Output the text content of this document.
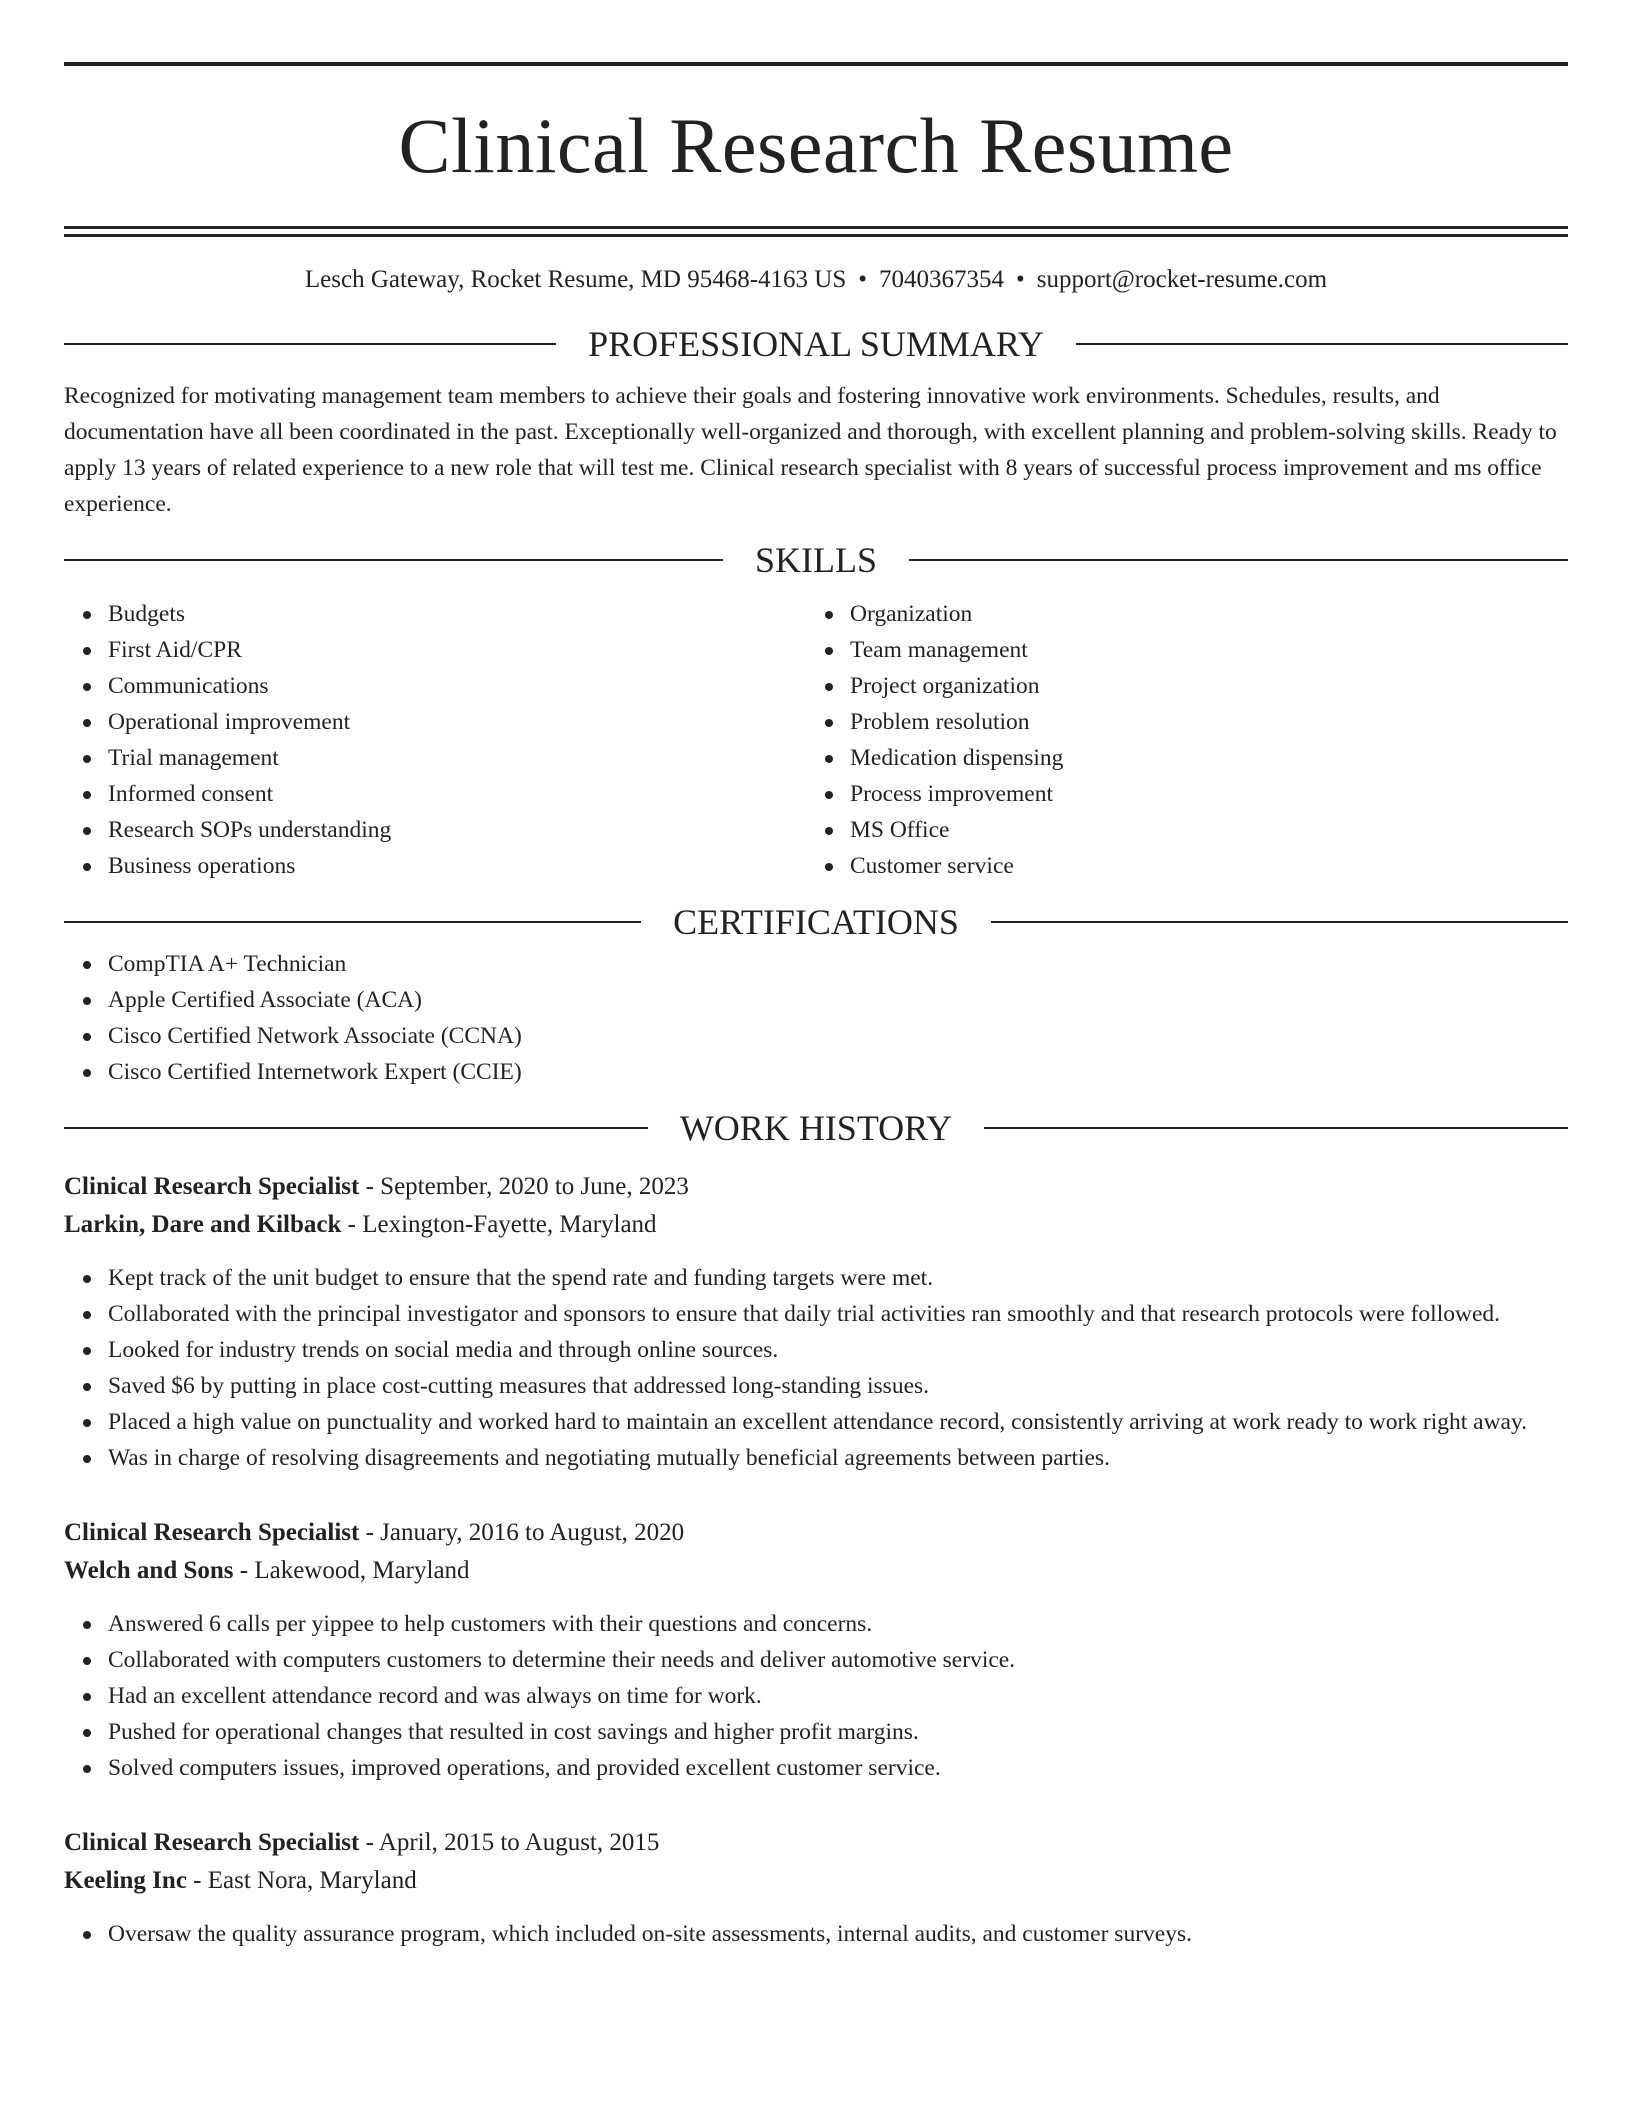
Clinical Research Resume
Lesch Gateway, Rocket Resume, MD 95468-4163 US • 7040367354 • support@rocket-resume.com
PROFESSIONAL SUMMARY

Recognized for motivating management team members to achieve their goals and fostering innovative work environments. Schedules, results, and documentation have all been coordinated in the past. Exceptionally well-organized and thorough, with excellent planning and problem-solving skills. Ready to apply 13 years of related experience to a new role that will test me. Clinical research specialist with 8 years of successful process improvement and ms office experience.

SKILLS
Budgets
First Aid/CPR
Communications
Operational improvement
Trial management
Informed consent
Research SOPs understanding
Business operations
Organization
Team management
Project organization
Problem resolution
Medication dispensing
Process improvement
MS Office
Customer service
CERTIFICATIONS
CompTIA A+ Technician
Apple Certified Associate (ACA)
Cisco Certified Network Associate (CCNA)
Cisco Certified Internetwork Expert (CCIE)
WORK HISTORY
Clinical Research Specialist - September, 2020 to June, 2023
Larkin, Dare and Kilback - Lexington-Fayette, Maryland
Kept track of the unit budget to ensure that the spend rate and funding targets were met.
Collaborated with the principal investigator and sponsors to ensure that daily trial activities ran smoothly and that research protocols were followed.
Looked for industry trends on social media and through online sources.
Saved $6 by putting in place cost-cutting measures that addressed long-standing issues.
Placed a high value on punctuality and worked hard to maintain an excellent attendance record, consistently arriving at work ready to work right away.
Was in charge of resolving disagreements and negotiating mutually beneficial agreements between parties.
Clinical Research Specialist - January, 2016 to August, 2020
Welch and Sons - Lakewood, Maryland
Answered 6 calls per yippee to help customers with their questions and concerns.
Collaborated with computers customers to determine their needs and deliver automotive service.
Had an excellent attendance record and was always on time for work.
Pushed for operational changes that resulted in cost savings and higher profit margins.
Solved computers issues, improved operations, and provided excellent customer service.
Clinical Research Specialist - April, 2015 to August, 2015
Keeling Inc - East Nora, Maryland
Oversaw the quality assurance program, which included on-site assessments, internal audits, and customer surveys.
